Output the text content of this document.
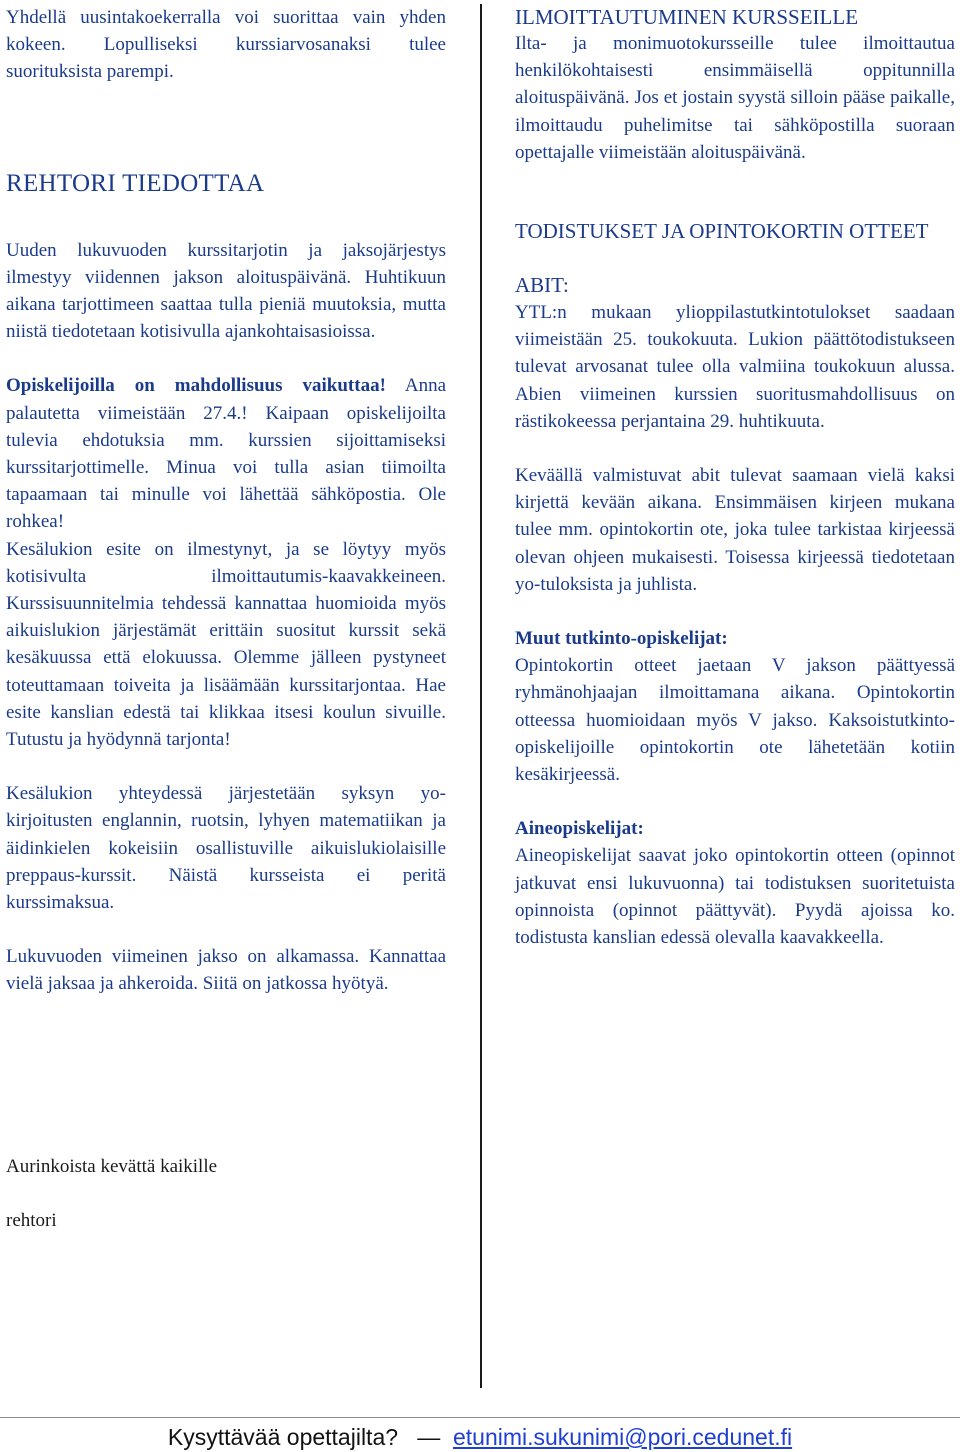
Yhdellä uusintakoekerralla voi suorittaa vain yhden kokeen. Lopulliseksi kurssiarvosanaksi tulee suorituksista parempi.

REHTORI TIEDOTTAA

Uuden lukuvuoden kurssitarjotin ja jaksojärjestys ilmestyy viidennen jakson aloituspäivänä. Huhtikuun aikana tarjottimeen saattaa tulla pieniä muutoksia, mutta niistä tiedotetaan kotisivulla ajankohtaisasioissa.

Opiskelijoilla on mahdollisuus vaikuttaa! Anna palautetta viimeistään 27.4.! Kaipaan opiskelijoilta tulevia ehdotuksia mm. kurssien sijoittamiseksi kurssitarjottimelle. Minua voi tulla asian tiimoilta tapaamaan tai minulle voi lähettää sähköpostia. Ole rohkea!

Kesälukion esite on ilmestynyt, ja se löytyy myös kotisivulta ilmoittautumis-kaavakkeineen. Kurssisuunnitelmia tehdessä kannattaa huomioida myös aikuislukion järjestämät erittäin suositut kurssit sekä kesäkuussa että elokuussa. Olemme jälleen pystyneet toteuttamaan toiveita ja lisäämään kurssitarjontaa. Hae esite kanslian edestä tai klikkaa itsesi koulun sivuille. Tutustu ja hyödynnä tarjonta!

Kesälukion yhteydessä järjestetään syksyn yo-kirjoitusten englannin, ruotsin, lyhyen matematiikan ja äidinkielen kokeisiin osallistuville aikuislukiolaisille preppaus-kurssit. Näistä kursseista ei peritä kurssimaksua.

Lukuvuoden viimeinen jakso on alkamassa. Kannattaa vielä jaksaa ja ahkeroida. Siitä on jatkossa hyötyä.

Aurinkoista kevättä kaikille
rehtori

ILMOITTAUTUMINEN KURSSEILLE

Ilta- ja monimuotokursseille tulee ilmoittautua henkilökohtaisesti ensimmäisellä oppitunnilla aloituspäivänä. Jos et jostain syystä silloin pääse paikalle, ilmoittaudu puhelimitse tai sähköpostilla suoraan opettajalle viimeistään aloituspäivänä.

TODISTUKSET JA OPINTOKORTIN OTTEET

ABIT:

YTL:n mukaan ylioppilastutkintotulokset saadaan viimeistään 25. toukokuuta. Lukion päättötodistukseen tulevat arvosanat tulee olla valmiina toukokuun alussa. Abien viimeinen kurssien suoritusmahdollisuus on rästikokeessa perjantaina 29. huhtikuuta.

Keväällä valmistuvat abit tulevat saamaan vielä kaksi kirjettä kevään aikana. Ensimmäisen kirjeen mukana tulee mm. opintokortin ote, joka tulee tarkistaa kirjeessä olevan ohjeen mukaisesti. Toisessa kirjeessä tiedotetaan yo-tuloksista ja juhlista.

Muut tutkinto-opiskelijat:

Opintokortin otteet jaetaan V jakson päättyessä ryhmänohjaajan ilmoittamana aikana. Opintokortin otteessa huomioidaan myös V jakso. Kaksoistutkinto-opiskelijoille opintokortin ote lähetetään kotiin kesäkirjeessä.

Aineopiskelijat:

Aineopiskelijat saavat joko opintokortin otteen (opinnot jatkuvat ensi lukuvuonna) tai todistuksen suoritetuista opinnoista (opinnot päättyvät). Pyydä ajoissa ko. todistusta kanslian edessä olevalla kaavakkeella.

Kysyttävää opettajilta?   —  etunimi.sukunimi@pori.cedunet.fi
